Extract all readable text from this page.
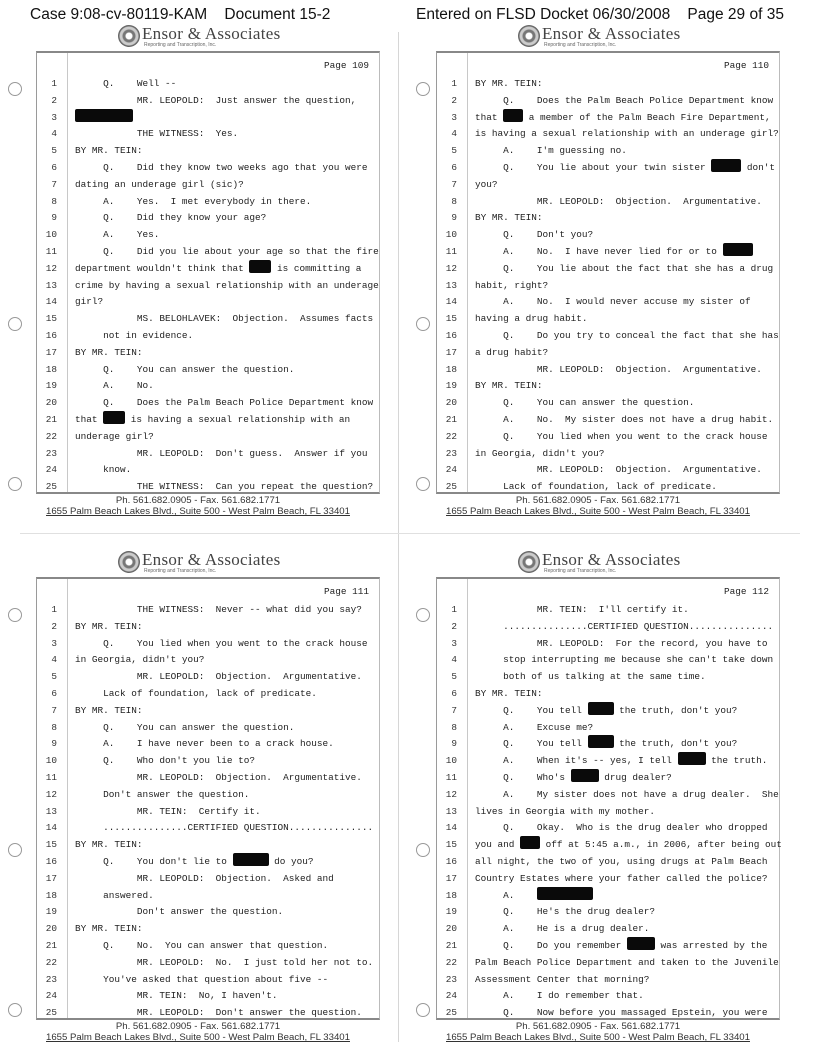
Case 9:08-cv-80119-KAM    Document 15-2	Entered on FLSD Docket 06/30/2008    Page 29 of 35
Ensor & Associates
Reporting and Transcription, Inc.
Page 109
1 Q.    Well --
2 MR. LEOPOLD:  Just answer the question,
3
4 THE WITNESS:  Yes.
5 BY MR. TEIN:
6 Q.    Did they know two weeks ago that you were
7 dating an underage girl (sic)?
8 A.    Yes.  I met everybody in there.
9 Q.    Did they know your age?
10 A.    Yes.
11 Q.    Did you lie about your age so that the fire
12 department wouldn't think that  is committing a
13 crime by having a sexual relationship with an underage
14 girl?
15 MS. BELOHLAVEK:  Objection.  Assumes facts
16 not in evidence.
17 BY MR. TEIN:
18 Q.    You can answer the question.
19 A.    No.
20 Q.    Does the Palm Beach Police Department know
21 that  is having a sexual relationship with an
22 underage girl?
23 MR. LEOPOLD:  Don't guess.  Answer if you
24 know.
25 THE WITNESS:  Can you repeat the question?
Ph. 561.682.0905 - Fax. 561.682.1771
1655 Palm Beach Lakes Blvd., Suite 500 - West Palm Beach, FL 33401
Ensor & Associates
Reporting and Transcription, Inc.
Page 110
1 BY MR. TEIN:
2 Q.    Does the Palm Beach Police Department know
3 that  a member of the Palm Beach Fire Department,
4 is having a sexual relationship with an underage girl?
5 A.    I'm guessing no.
6 Q.    You lie about your twin sister	don't
7 you?
8 MR. LEOPOLD:  Objection.  Argumentative.
9 BY MR. TEIN:
10 Q.    Don't you?
11 A.    No.  I have never lied for or to
12 Q.    You lie about the fact that she has a drug
13 habit, right?
14 A.    No.  I would never accuse my sister of
15 having a drug habit.
16 Q.    Do you try to conceal the fact that she has
17 a drug habit?
18 MR. LEOPOLD:  Objection.  Argumentative.
19 BY MR. TEIN:
20 Q.    You can answer the question.
21 A.    No.  My sister does not have a drug habit.
22 Q.    You lied when you went to the crack house
23 in Georgia, didn't you?
24 MR. LEOPOLD:  Objection.  Argumentative.
25 Lack of foundation, lack of predicate.
Ph. 561.682.0905 - Fax. 561.682.1771
1655 Palm Beach Lakes Blvd., Suite 500 - West Palm Beach, FL 33401
Ensor & Associates
Reporting and Transcription, Inc.
Page 111
1 THE WITNESS:  Never -- what did you say?
2 BY MR. TEIN:
3 Q.    You lied when you went to the crack house
4 in Georgia, didn't you?
5 MR. LEOPOLD:  Objection.  Argumentative.
6 Lack of foundation, lack of predicate.
7 BY MR. TEIN:
8 Q.    You can answer the question.
9 A.    I have never been to a crack house.
10 Q.    Who don't you lie to?
11 MR. LEOPOLD:  Objection.  Argumentative.
12 Don't answer the question.
13 MR. TEIN:  Certify it.
14 ...............CERTIFIED QUESTION...............
15 BY MR. TEIN:
16 Q.    You don't lie to	do you?
17 MR. LEOPOLD:  Objection.  Asked and
18 answered.
19 Don't answer the question.
20 BY MR. TEIN:
21 Q.    No.  You can answer that question.
22 MR. LEOPOLD:  No.  I just told her not to.
23 You've asked that question about five --
24 MR. TEIN:  No, I haven't.
25 MR. LEOPOLD:  Don't answer the question.
Ph. 561.682.0905 - Fax. 561.682.1771
1655 Palm Beach Lakes Blvd., Suite 500 - West Palm Beach, FL 33401
Ensor & Associates
Reporting and Transcription, Inc.
Page 112
1 MR. TEIN:  I'll certify it.
2 ...............CERTIFIED QUESTION...............
3 MR. LEOPOLD:  For the record, you have to
4 stop interrupting me because she can't take down
5 both of us talking at the same time.
6 BY MR. TEIN:
7 Q.    You tell	the truth, don't you?
8 A.    Excuse me?
9 Q.    You tell	the truth, don't you?
10 A.    When it's -- yes, I tell	the truth.
11 Q.    Who's	drug dealer?
12 A.    My sister does not have a drug dealer.  She
13 lives in Georgia with my mother.
14 Q.    Okay.  Who is the drug dealer who dropped
15 you and  off at 5:45 a.m., in 2006, after being out
16 all night, the two of you, using drugs at Palm Beach
17 Country Estates where your father called the police?
18 A.
19 Q.    He's the drug dealer?
20 A.    He is a drug dealer.
21 Q.    Do you remember	was arrested by the
22 Palm Beach Police Department and taken to the Juvenile
23 Assessment Center that morning?
24 A.    I do remember that.
25 Q.    Now before you massaged Epstein, you were
Ph. 561.682.0905 - Fax. 561.682.1771
1655 Palm Beach Lakes Blvd., Suite 500 - West Palm Beach, FL 33401
